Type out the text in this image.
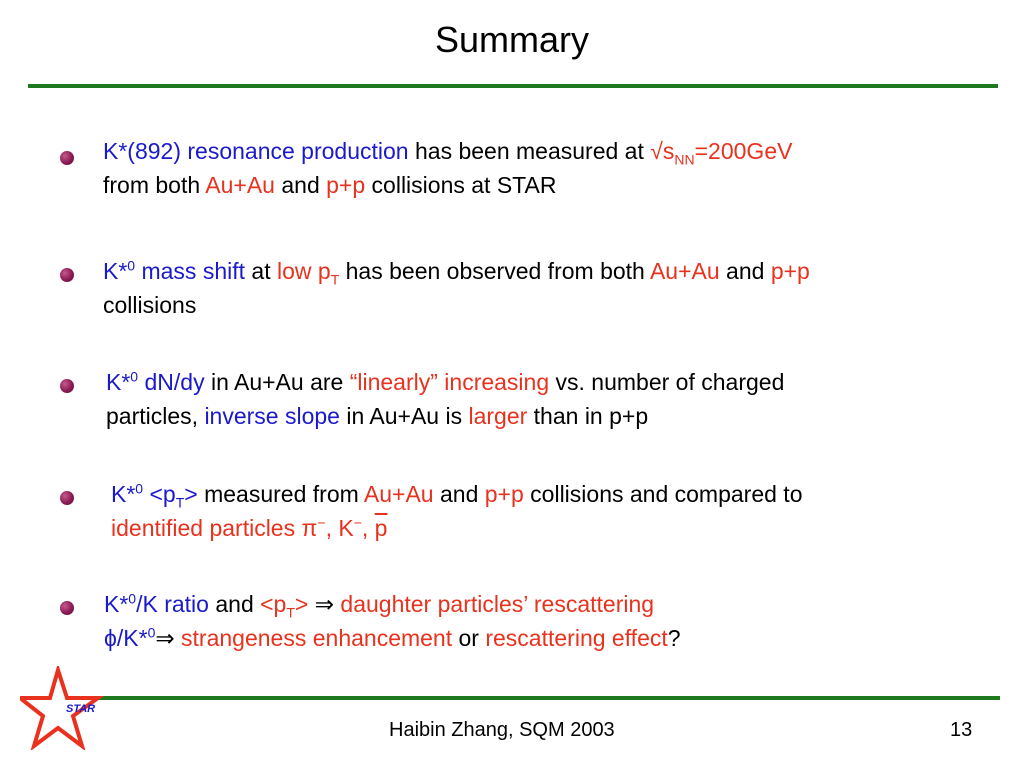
Summary
K*(892) resonance production has been measured at $√s_{NN}=200GeV$
from both Au+Au and p+p collisions at STAR
K*$^0$ mass shift at low $p_T$ has been observed from both Au+Au and p+p
collisions
K*$^0$ dN/dy in Au+Au are “linearly” increasing vs. number of charged
particles, inverse slope in Au+Au is larger than in p+p
$K*^0 <p_T>$ measured from Au+Au and p+p collisions and compared to
identified particles π−, K−, $\overline{p}$
K*$^0$/K ratio and $<p_T>$ ⇒ daughter particles’ rescattering
ϕ/K*$^0$⇒ strangeness enhancement or rescattering effect?
STAR
Haibin Zhang, SQM 2003	13
